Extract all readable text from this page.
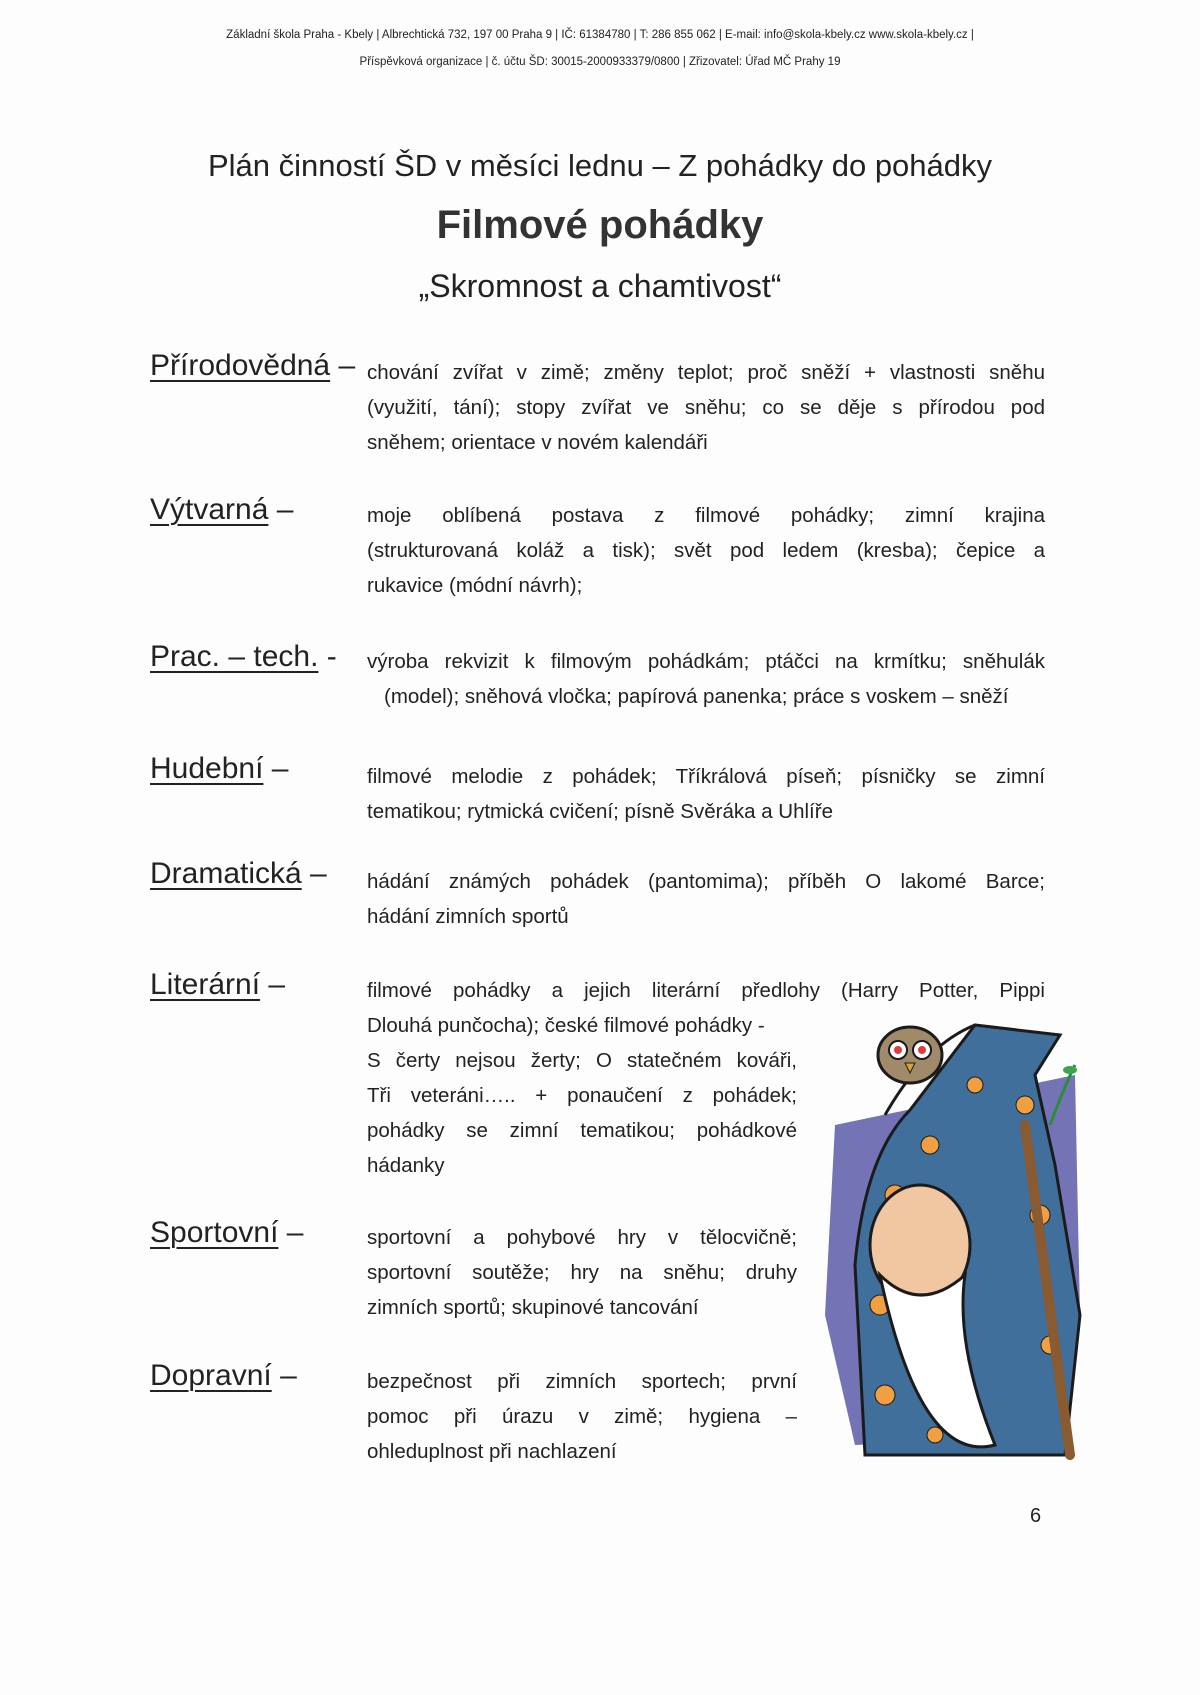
Základní škola Praha - Kbely | Albrechtická 732, 197 00 Praha 9 | IČ: 61384780 | T: 286 855 062 | E-mail: info@skola-kbely.cz www.skola-kbely.cz |
Příspěvková organizace | č. účtu ŠD: 30015-2000933379/0800 | Zřizovatel: Úřad MČ Prahy 19
Plán činností ŠD v měsíci lednu – Z pohádky do pohádky
Filmové pohádky
„Skromnost a chamtivost“
Přírodovědná – chování zvířat v zimě; změny teplot; proč sněží + vlastnosti sněhu
(využití, tání); stopy zvířat ve sněhu; co se děje s přírodou pod
sněhem; orientace v novém kalendáři
Výtvarná –	moje oblíbená postava z filmové pohádky; zimní krajina
(strukturovaná koláž a tisk); svět pod ledem (kresba); čepice a
rukavice (módní návrh);
Prac. – tech. - výroba rekvizit k filmovým pohádkám; ptáčci na krmítku; sněhulák
(model); sněhová vločka; papírová panenka; práce s voskem – sněží
Hudební –	filmové melodie z pohádek; Tříkrálová píseň; písničky se zimní
tematikou; rytmická cvičení; písně Svěráka a Uhlíře
Dramatická – hádání známých pohádek (pantomima); příběh O lakomé Barce;
hádání zimních sportů
Literární –	filmové pohádky a jejich literární předlohy (Harry Potter, Pippi
Dlouhá punčocha); české filmové pohádky -
S čerty nejsou žerty; O statečném kováři,
Tři veteráni….. + ponaučení z pohádek;
pohádky se zimní tematikou; pohádkové
hádanky
Sportovní –	sportovní a pohybové hry v tělocvičně;
sportovní soutěže; hry na sněhu; druhy
zimních sportů; skupinové tancování
Dopravní –	bezpečnost při zimních sportech; první
pomoc při úrazu v zimě; hygiena –
ohleduplnost při nachlazení
6
